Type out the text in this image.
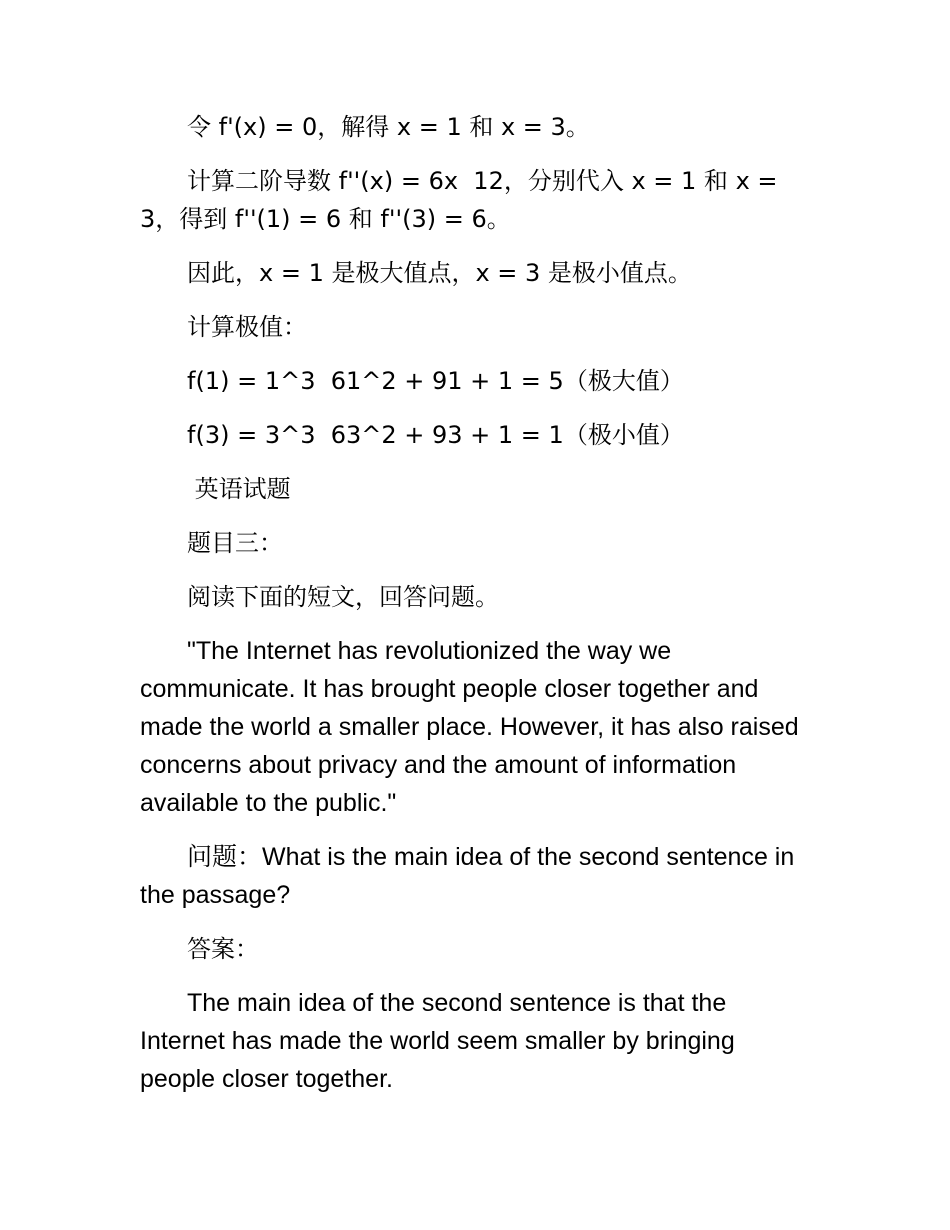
令 f'(x) = 0，解得 x = 1 和 x = 3。

计算二阶导数 f''(x) = 6x  12，分别代入 x = 1 和 x = 3，得到 f''(1) = 6 和 f''(3) = 6。

因此，x = 1 是极大值点，x = 3 是极小值点。

计算极值：

f(1) = 1^3  61^2 + 91 + 1 = 5（极大值）

f(3) = 3^3  63^2 + 93 + 1 = 1（极小值）

英语试题

题目三：

阅读下面的短文，回答问题。

"The Internet has revolutionized the way we communicate. It has brought people closer together and made the world a smaller place. However, it has also raised concerns about privacy and the amount of information available to the public."

问题：What is the main idea of the second sentence in the passage?

答案：

The main idea of the second sentence is that the Internet has made the world seem smaller by bringing people closer together.
